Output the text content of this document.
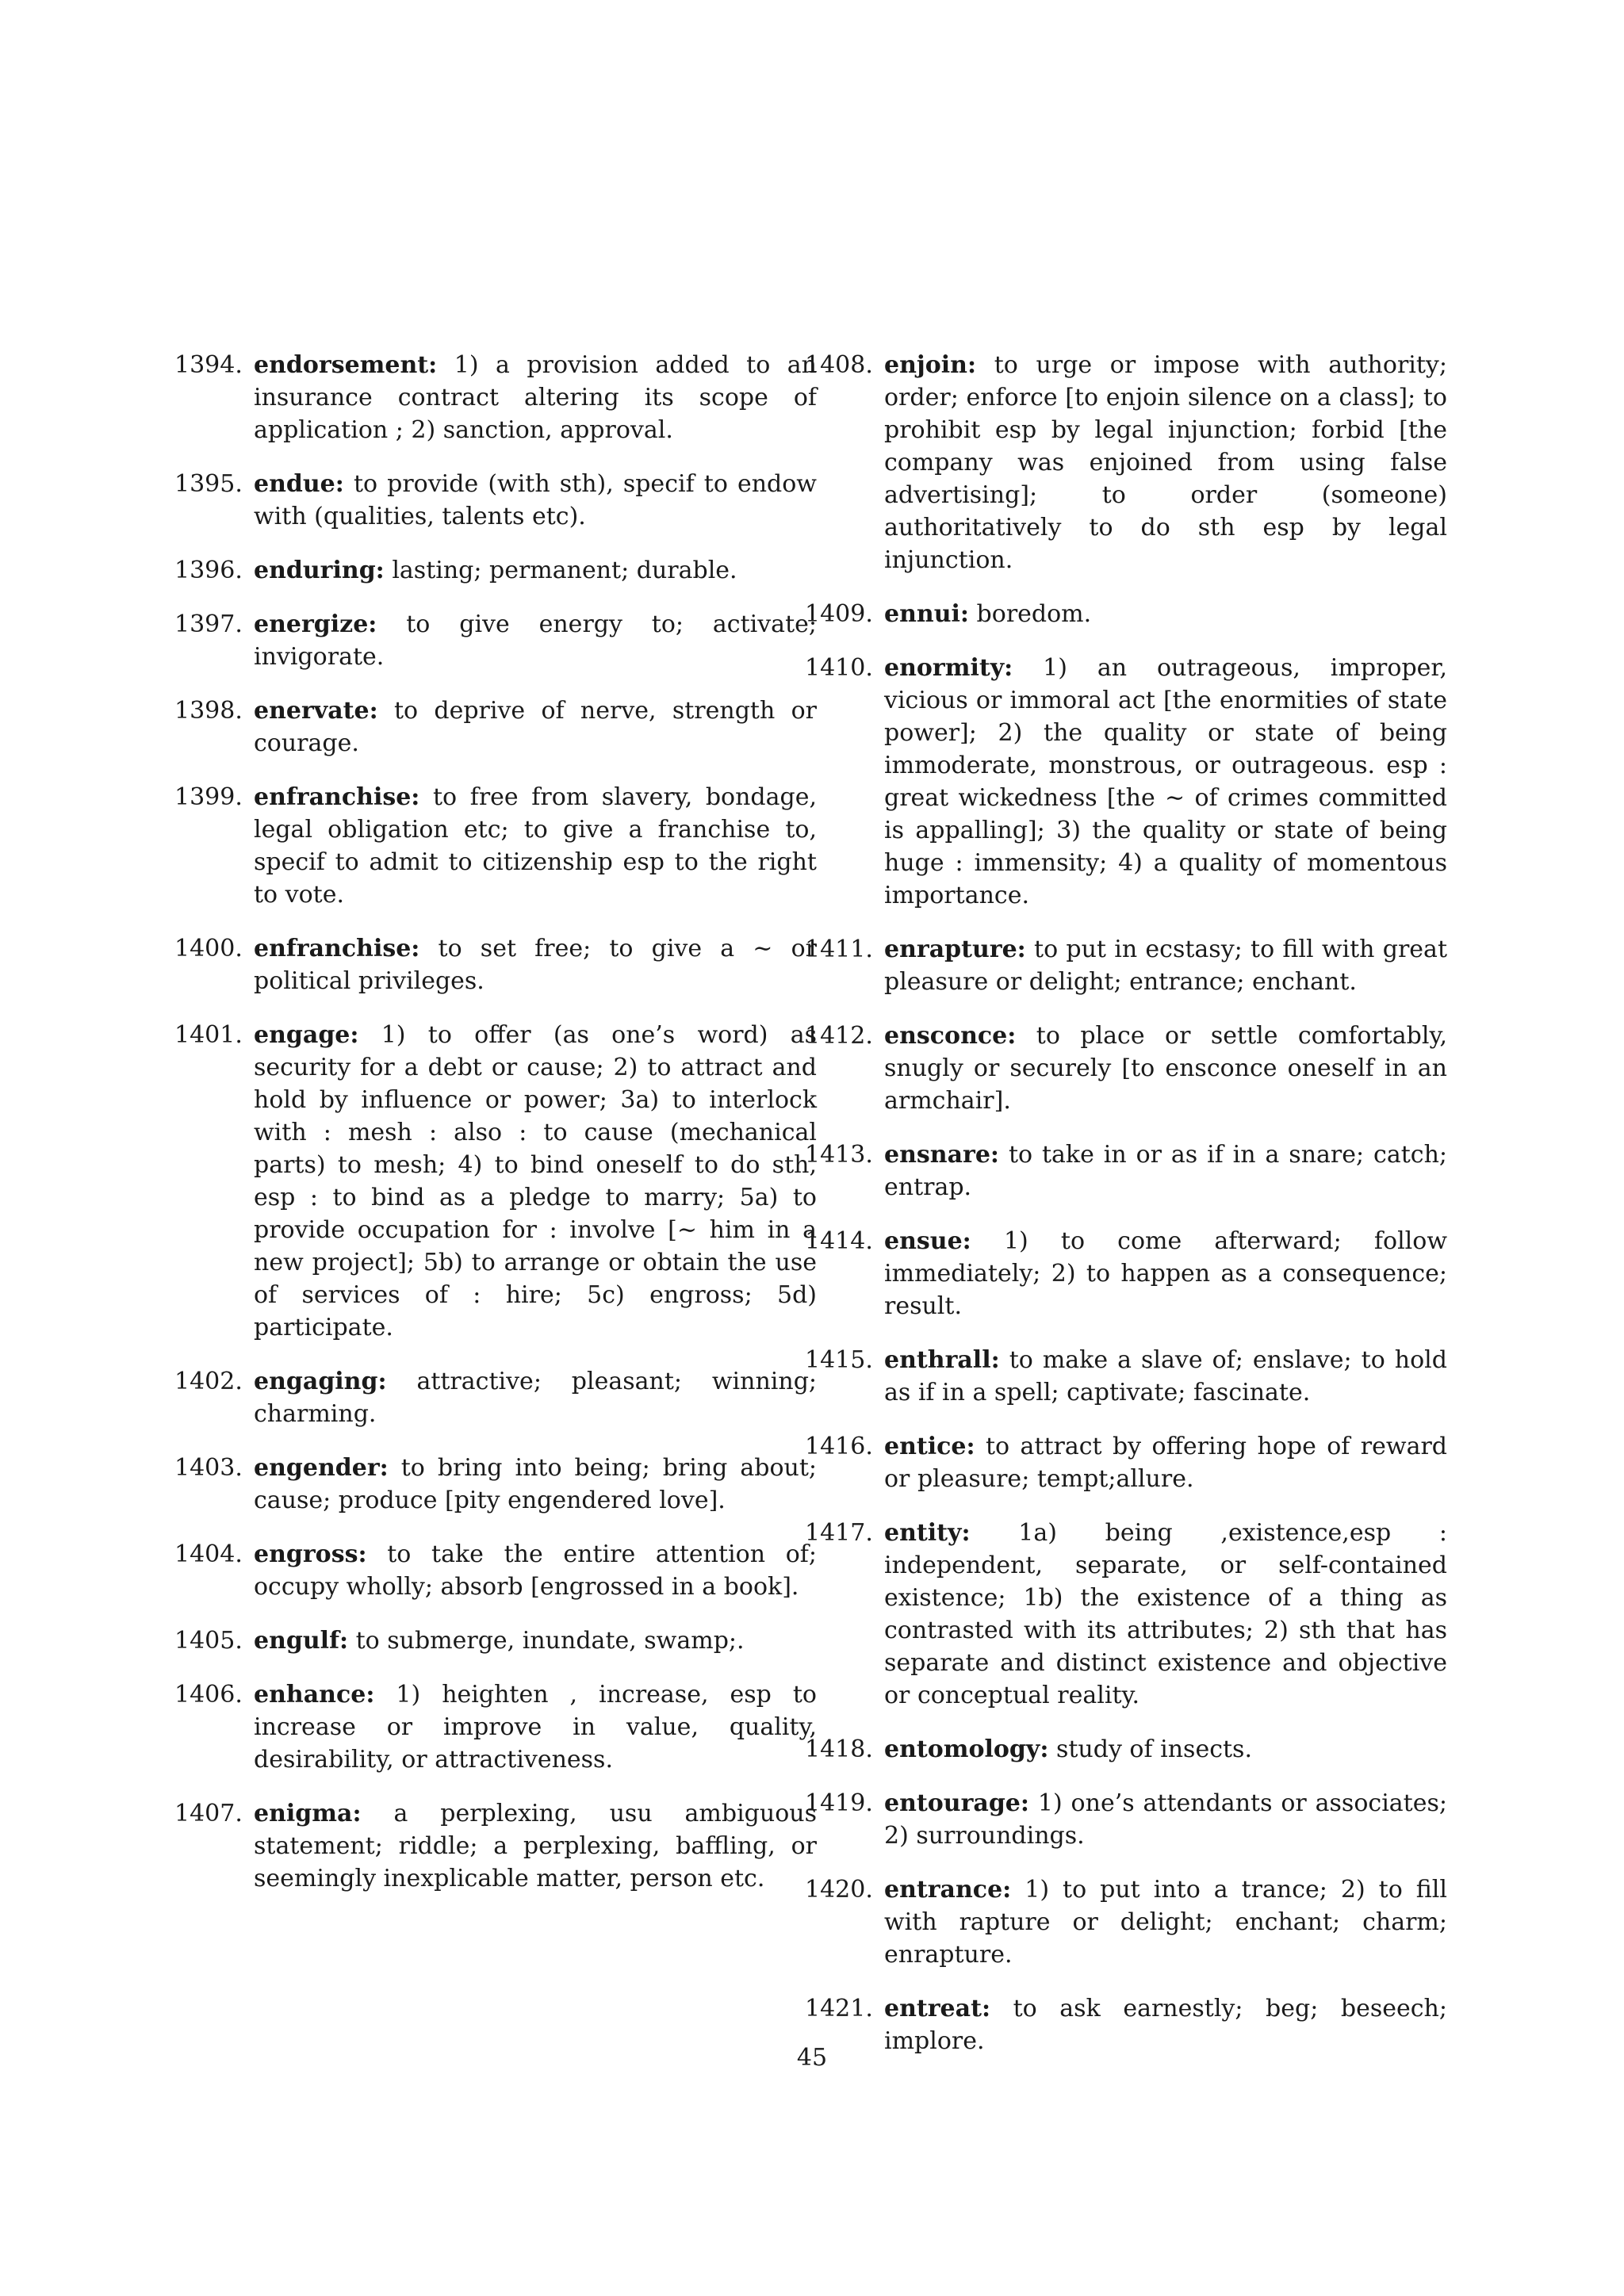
1394. endorsement: 1) a provision added to an insurance contract altering its scope of application ; 2) sanction, approval.
1395. endue: to provide (with sth), specif to endow with (qualities, talents etc).
1396. enduring: lasting; permanent; durable.
1397. energize: to give energy to; activate; invigorate.
1398. enervate: to deprive of nerve, strength or courage.
1399. enfranchise: to free from slavery, bondage, legal obligation etc; to give a franchise to, specif to admit to citizenship esp to the right to vote.
1400. enfranchise: to set free; to give a ∼ or political privileges.
1401. engage: 1) to offer (as one’s word) as security for a debt or cause; 2) to attract and hold by influence or power; 3a) to interlock with : mesh : also : to cause (mechanical parts) to mesh; 4) to bind oneself to do sth, esp : to bind as a pledge to marry; 5a) to provide occupation for : involve [∼ him in a new project]; 5b) to arrange or obtain the use of services of : hire; 5c) engross; 5d) participate.
1402. engaging: attractive; pleasant; winning; charming.
1403. engender: to bring into being; bring about; cause; produce [pity engendered love].
1404. engross: to take the entire attention of; occupy wholly; absorb [engrossed in a book].
1405. engulf: to submerge, inundate, swamp;.
1406. enhance: 1) heighten , increase, esp to increase or improve in value, quality, desirability, or attractiveness.
1407. enigma: a perplexing, usu ambiguous statement; riddle; a perplexing, baffling, or seemingly inexplicable matter, person etc.
1408. enjoin: to urge or impose with authority; order; enforce [to enjoin silence on a class]; to prohibit esp by legal injunction; forbid [the company was enjoined from using false advertising]; to order (someone) authoritatively to do sth esp by legal injunction.
1409. ennui: boredom.
1410. enormity: 1) an outrageous, improper, vicious or immoral act [the enormities of state power]; 2) the quality or state of being immoderate, monstrous, or outrageous. esp : great wickedness [the ∼ of crimes committed is appalling]; 3) the quality or state of being huge : immensity; 4) a quality of momentous importance.
1411. enrapture: to put in ecstasy; to fill with great pleasure or delight; entrance; enchant.
1412. ensconce: to place or settle comfortably, snugly or securely [to ensconce oneself in an armchair].
1413. ensnare: to take in or as if in a snare; catch; entrap.
1414. ensue: 1) to come afterward; follow immediately; 2) to happen as a consequence; result.
1415. enthrall: to make a slave of; enslave; to hold as if in a spell; captivate; fascinate.
1416. entice: to attract by offering hope of reward or pleasure; tempt;allure.
1417. entity: 1a) being ,existence,esp : independent, separate, or self-contained existence; 1b) the existence of a thing as contrasted with its attributes; 2) sth that has separate and distinct existence and objective or conceptual reality.
1418. entomology: study of insects.
1419. entourage: 1) one’s attendants or associates; 2) surroundings.
1420. entrance: 1) to put into a trance; 2) to fill with rapture or delight; enchant; charm; enrapture.
1421. entreat: to ask earnestly; beg; beseech; implore.
45
